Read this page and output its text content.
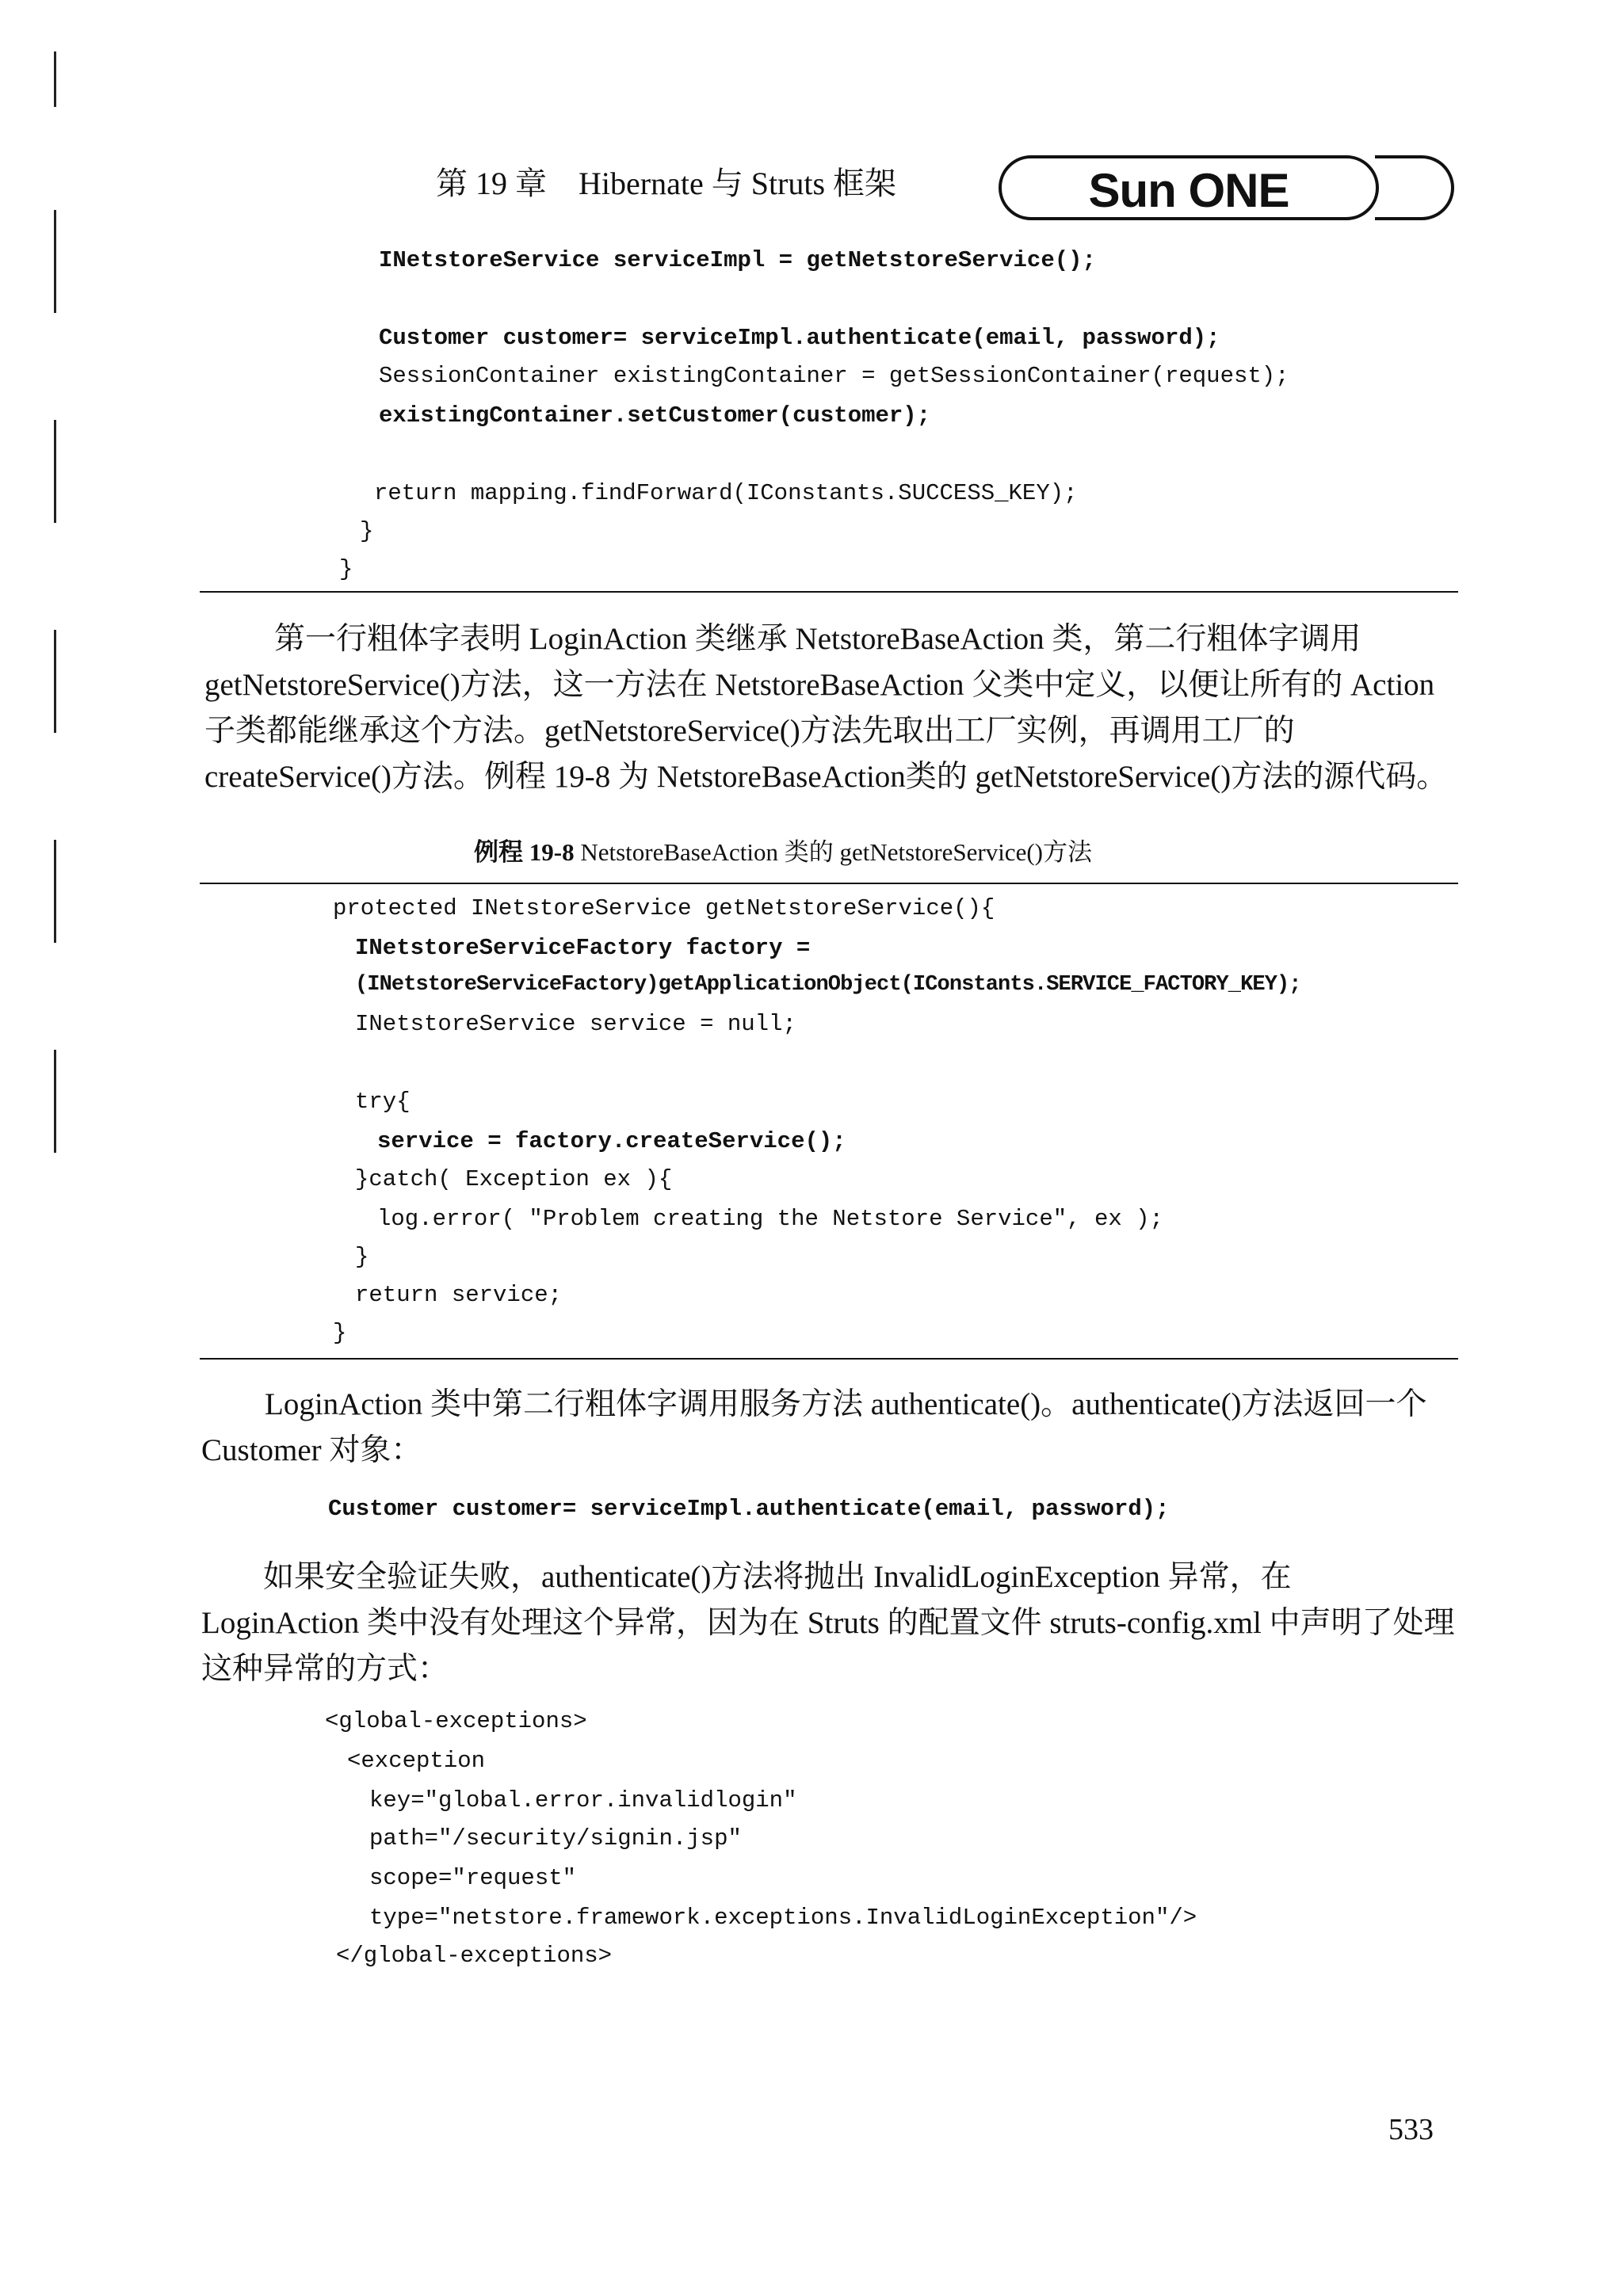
第 19 章　Hibernate 与 Struts 框架	Sun ONE
INetstoreService serviceImpl = getNetstoreService();
Customer customer= serviceImpl.authenticate(email, password);
SessionContainer existingContainer = getSessionContainer(request);
existingContainer.setCustomer(customer);
return mapping.findForward(IConstants.SUCCESS_KEY);
}
}
第一行粗体字表明 LoginAction 类继承 NetstoreBaseAction 类，第二行粗体字调用 getNetstoreService()方法，这一方法在 NetstoreBaseAction 父类中定义，以便让所有的 Action 子类都能继承这个方法。getNetstoreService()方法先取出工厂实例，再调用工厂的 createService()方法。例程 19-8 为 NetstoreBaseAction类的 getNetstoreService()方法的源代码。
例程 19-8 NetstoreBaseAction 类的 getNetstoreService()方法
protected INetstoreService getNetstoreService(){
INetstoreServiceFactory factory =
(INetstoreServiceFactory)getApplicationObject(IConstants.SERVICE_FACTORY_KEY);
INetstoreService service = null;
try{
service = factory.createService();
}catch( Exception ex ){
log.error( "Problem creating the Netstore Service", ex );
}
return service;
}
LoginAction 类中第二行粗体字调用服务方法 authenticate()。authenticate()方法返回一个 Customer 对象：
Customer customer= serviceImpl.authenticate(email, password);
如果安全验证失败，authenticate()方法将抛出 InvalidLoginException 异常，在 LoginAction 类中没有处理这个异常，因为在 Struts 的配置文件 struts-config.xml 中声明了处理这种异常的方式：
<global-exceptions>
<exception
key="global.error.invalidlogin"
path="/security/signin.jsp"
scope="request"
type="netstore.framework.exceptions.InvalidLoginException"/>
</global-exceptions>
533
